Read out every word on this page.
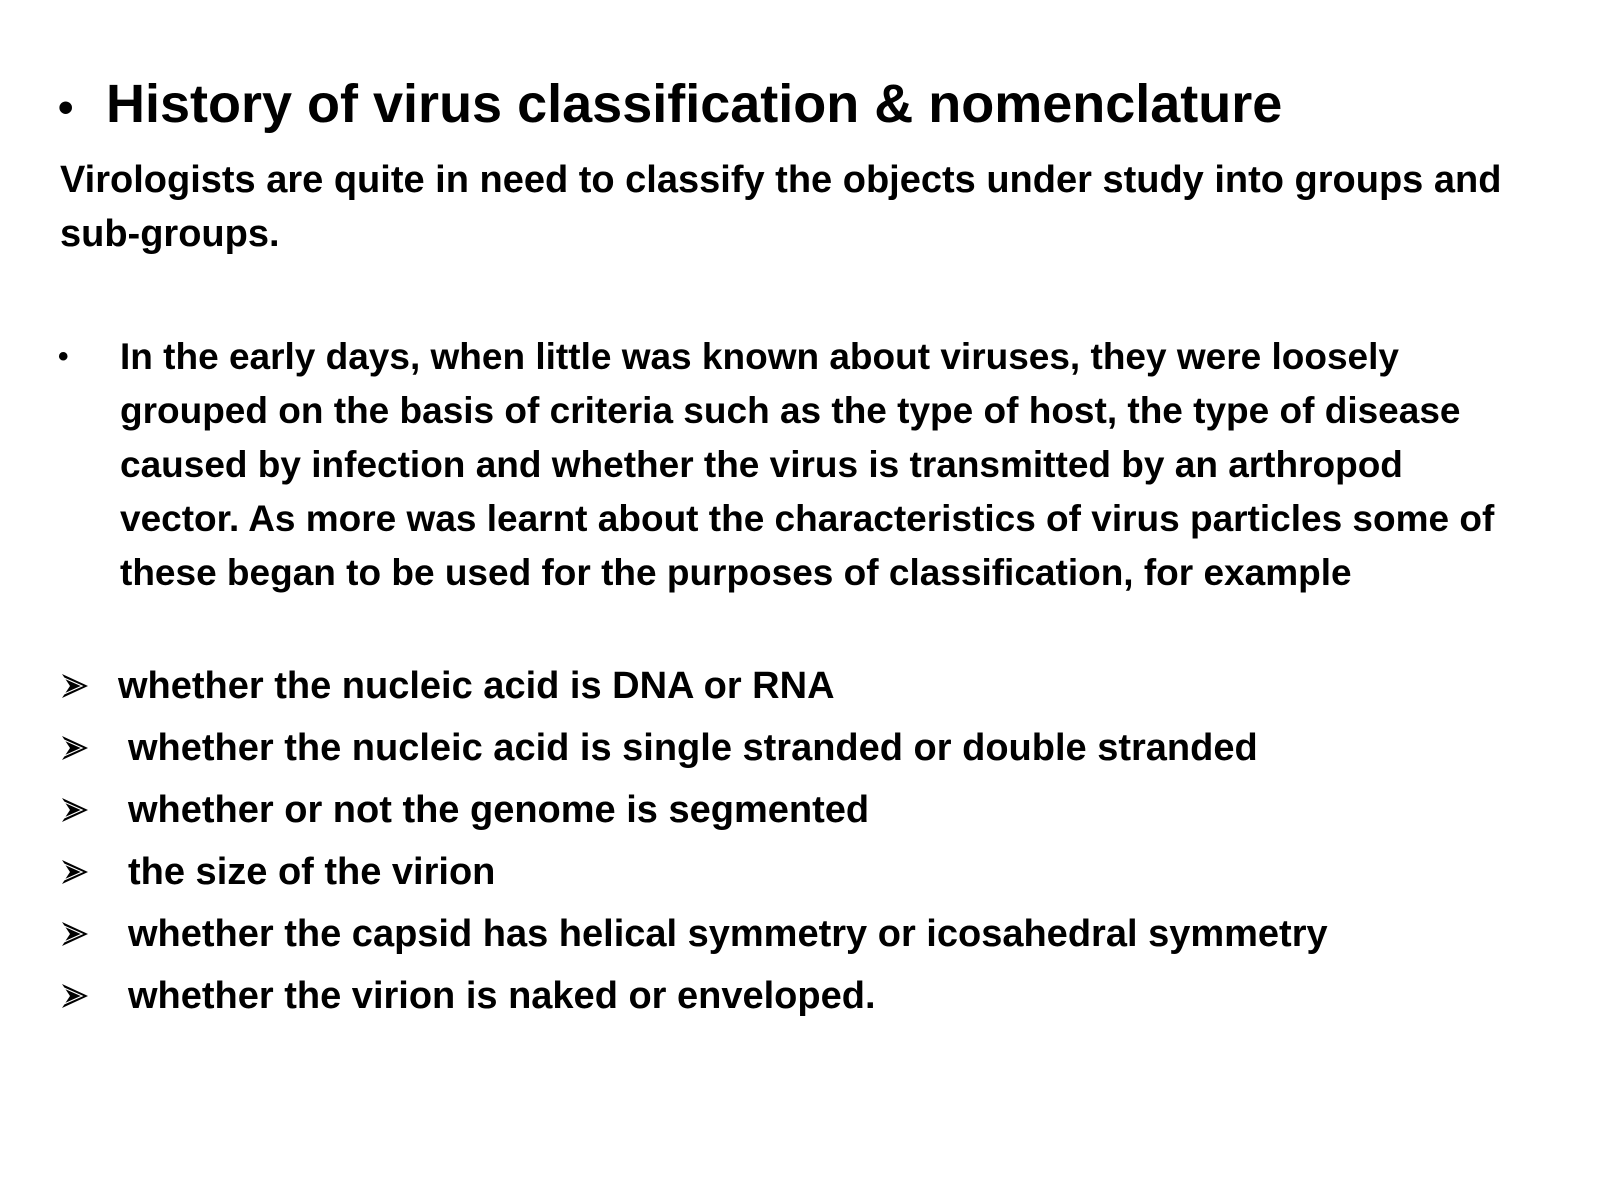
• History of virus classification & nomenclature
Virologists are quite in need to classify the objects under study into groups and sub-groups.
•	In the early days, when little was known about viruses, they were loosely grouped on the basis of criteria such as the type of host, the type of disease caused by infection and whether the virus is transmitted by an arthropod vector. As more was learnt about the characteristics of virus particles some of these began to be used for the purposes of classification, for example
whether the nucleic acid is DNA or RNA
whether the nucleic acid is single stranded or double stranded
whether or not the genome is segmented
the size of the virion
whether the capsid has helical symmetry or icosahedral symmetry
whether the virion is naked or enveloped.
